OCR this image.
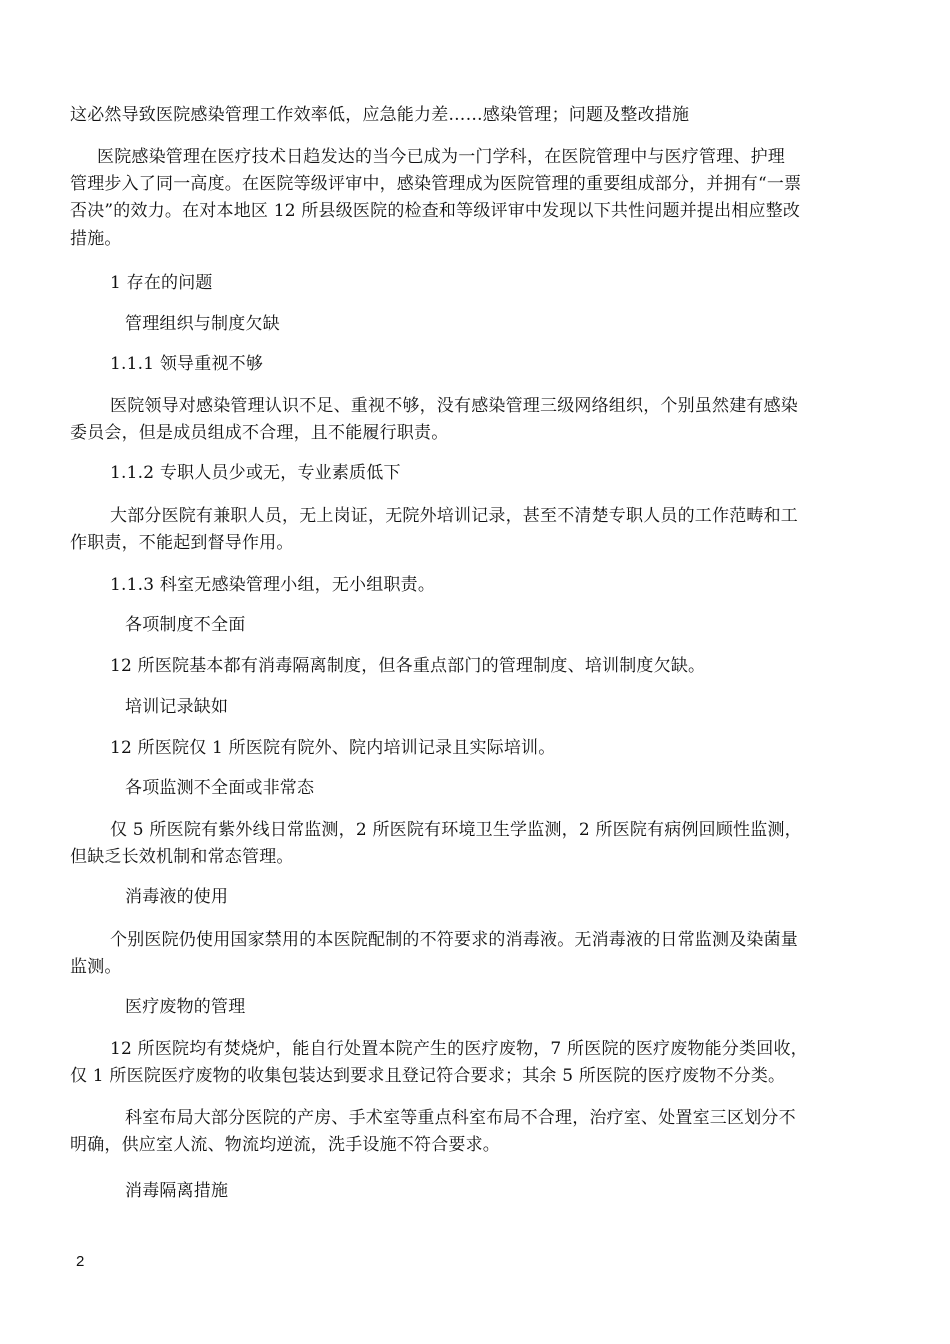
这必然导致医院感染管理工作效率低，应急能力差……感染管理；问题及整改措施
医院感染管理在医疗技术日趋发达的当今已成为一门学科，在医院管理中与医疗管理、护理
管理步入了同一高度。在医院等级评审中，感染管理成为医院管理的重要组成部分，并拥有“一票
否决”的效力。在对本地区 12 所县级医院的检查和等级评审中发现以下共性问题并提出相应整改
措施。
1 存在的问题
管理组织与制度欠缺
1.1.1 领导重视不够
医院领导对感染管理认识不足、重视不够，没有感染管理三级网络组织，个别虽然建有感染
委员会，但是成员组成不合理，且不能履行职责。
1.1.2 专职人员少或无，专业素质低下
大部分医院有兼职人员，无上岗证，无院外培训记录，甚至不清楚专职人员的工作范畴和工
作职责，不能起到督导作用。
1.1.3 科室无感染管理小组，无小组职责。
各项制度不全面
12 所医院基本都有消毒隔离制度，但各重点部门的管理制度、培训制度欠缺。
培训记录缺如
12 所医院仅 1 所医院有院外、院内培训记录且实际培训。
各项监测不全面或非常态
仅 5 所医院有紫外线日常监测，2 所医院有环境卫生学监测，2 所医院有病例回顾性监测，
但缺乏长效机制和常态管理。
消毒液的使用
个别医院仍使用国家禁用的本医院配制的不符要求的消毒液。无消毒液的日常监测及染菌量
监测。
医疗废物的管理
12 所医院均有焚烧炉，能自行处置本院产生的医疗废物，7 所医院的医疗废物能分类回收，
仅 1 所医院医疗废物的收集包装达到要求且登记符合要求；其余 5 所医院的医疗废物不分类。
科室布局大部分医院的产房、手术室等重点科室布局不合理，治疗室、处置室三区划分不
明确，供应室人流、物流均逆流，洗手设施不符合要求。
消毒隔离措施
2
